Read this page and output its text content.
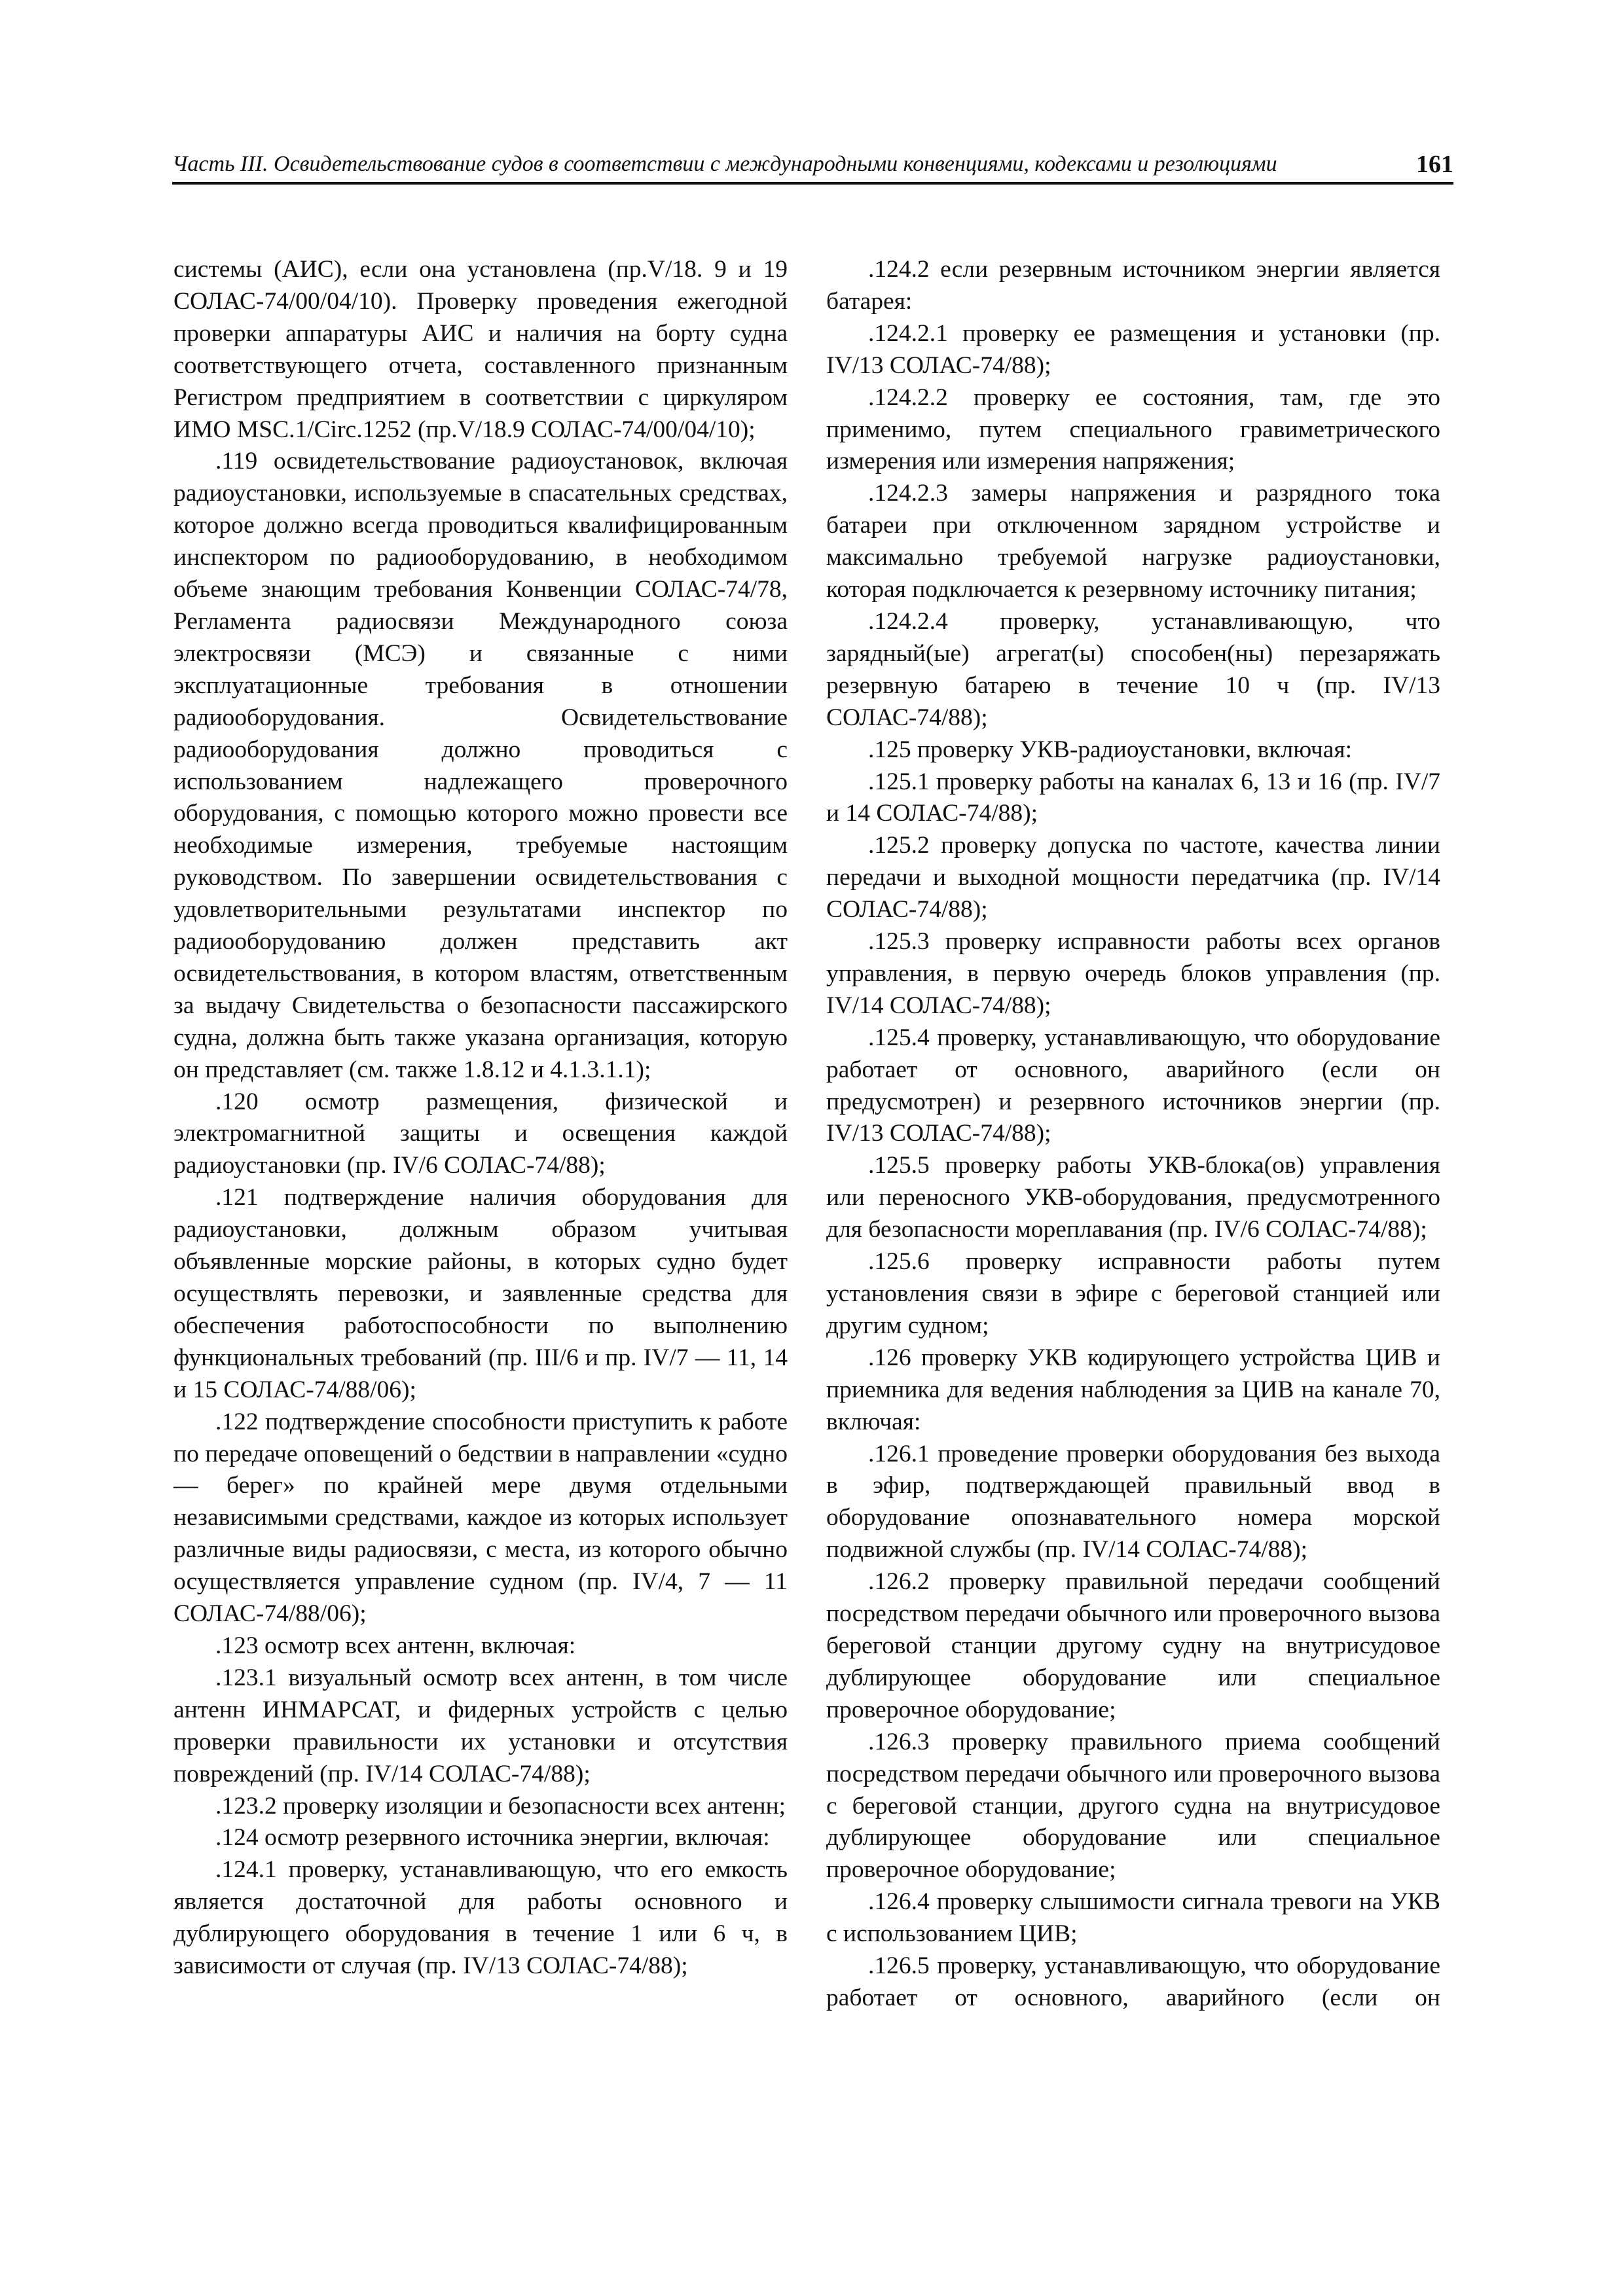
Часть III. Освидетельствование судов в соответствии с международными конвенциями, кодексами и резолюциями	161

системы (АИС), если она установлена (пр.V/18. 9 и 19 СОЛАС-74/00/04/10). Проверку проведения ежегодной проверки аппаратуры АИС и наличия на борту судна соответствующего отчета, составленного признанным Регистром предприятием в соответствии с циркуляром ИМО MSC.1/Circ.1252 (пр.V/18.9 СОЛАС-74/00/04/10);

.119 освидетельствование радиоустановок, включая радиоустановки, используемые в спасательных средствах, которое должно всегда проводиться квалифицированным инспектором по радиооборудованию, в необходимом объеме знающим требования Конвенции СОЛАС-74/78, Регламента радиосвязи Международного союза электросвязи (МСЭ) и связанные с ними эксплуатационные требования в отношении радиооборудования. Освидетельствование радиооборудования должно проводиться с использованием надлежащего проверочного оборудования, с помощью которого можно провести все необходимые измерения, требуемые настоящим руководством. По завершении освидетельствования с удовлетворительными результатами инспектор по радиооборудованию должен представить акт освидетельствования, в котором властям, ответственным за выдачу Свидетельства о безопасности пассажирского судна, должна быть также указана организация, которую он представляет (см. также 1.8.12 и 4.1.3.1.1);

.120 осмотр размещения, физической и электромагнитной защиты и освещения каждой радиоустановки (пр. IV/6 СОЛАС-74/88);

.121 подтверждение наличия оборудования для радиоустановки, должным образом учитывая объявленные морские районы, в которых судно будет осуществлять перевозки, и заявленные средства для обеспечения работоспособности по выполнению функциональных требований (пр. III/6 и пр. IV/7 — 11, 14 и 15 СОЛАС-74/88/06);

.122 подтверждение способности приступить к работе по передаче оповещений о бедствии в направлении «судно — берег» по крайней мере двумя отдельными независимыми средствами, каждое из которых использует различные виды радиосвязи, с места, из которого обычно осуществляется управление судном (пр. IV/4, 7 — 11 СОЛАС-74/88/06);

.123 осмотр всех антенн, включая:

.123.1 визуальный осмотр всех антенн, в том числе антенн ИНМАРСАТ, и фидерных устройств с целью проверки правильности их установки и отсутствия повреждений (пр. IV/14 СОЛАС-74/88);

.123.2 проверку изоляции и безопасности всех антенн;

.124 осмотр резервного источника энергии, включая:

.124.1 проверку, устанавливающую, что его емкость является достаточной для работы основного и дублирующего оборудования в течение 1 или 6 ч, в зависимости от случая (пр. IV/13 СОЛАС-74/88);

.124.2 если резервным источником энергии является батарея:

.124.2.1 проверку ее размещения и установки (пр. IV/13 СОЛАС-74/88);

.124.2.2 проверку ее состояния, там, где это применимо, путем специального гравиметрического измерения или измерения напряжения;

.124.2.3 замеры напряжения и разрядного тока батареи при отключенном зарядном устройстве и максимально требуемой нагрузке радиоустановки, которая подключается к резервному источнику питания;

.124.2.4 проверку, устанавливающую, что зарядный(ые) агрегат(ы) способен(ны) перезаряжать резервную батарею в течение 10 ч (пр. IV/13 СОЛАС-74/88);

.125 проверку УКВ-радиоустановки, включая:

.125.1 проверку работы на каналах 6, 13 и 16 (пр. IV/7 и 14 СОЛАС-74/88);

.125.2 проверку допуска по частоте, качества линии передачи и выходной мощности передатчика (пр. IV/14 СОЛАС-74/88);

.125.3 проверку исправности работы всех органов управления, в первую очередь блоков управления (пр. IV/14 СОЛАС-74/88);

.125.4 проверку, устанавливающую, что оборудование работает от основного, аварийного (если он предусмотрен) и резервного источников энергии (пр. IV/13 СОЛАС-74/88);

.125.5 проверку работы УКВ-блока(ов) управления или переносного УКВ-оборудования, предусмотренного для безопасности мореплавания (пр. IV/6 СОЛАС-74/88);

.125.6 проверку исправности работы путем установления связи в эфире с береговой станцией или другим судном;

.126 проверку УКВ кодирующего устройства ЦИВ и приемника для ведения наблюдения за ЦИВ на канале 70, включая:

.126.1 проведение проверки оборудования без выхода в эфир, подтверждающей правильный ввод в оборудование опознавательного номера морской подвижной службы (пр. IV/14 СОЛАС-74/88);

.126.2 проверку правильной передачи сообщений посредством передачи обычного или проверочного вызова береговой станции другому судну на внутрисудовое дублирующее оборудование или специальное проверочное оборудование;

.126.3 проверку правильного приема сообщений посредством передачи обычного или проверочного вызова с береговой станции, другого судна на внутрисудовое дублирующее оборудование или специальное проверочное оборудование;

.126.4 проверку слышимости сигнала тревоги на УКВ с использованием ЦИВ;

.126.5 проверку, устанавливающую, что оборудование работает от основного, аварийного (если он
